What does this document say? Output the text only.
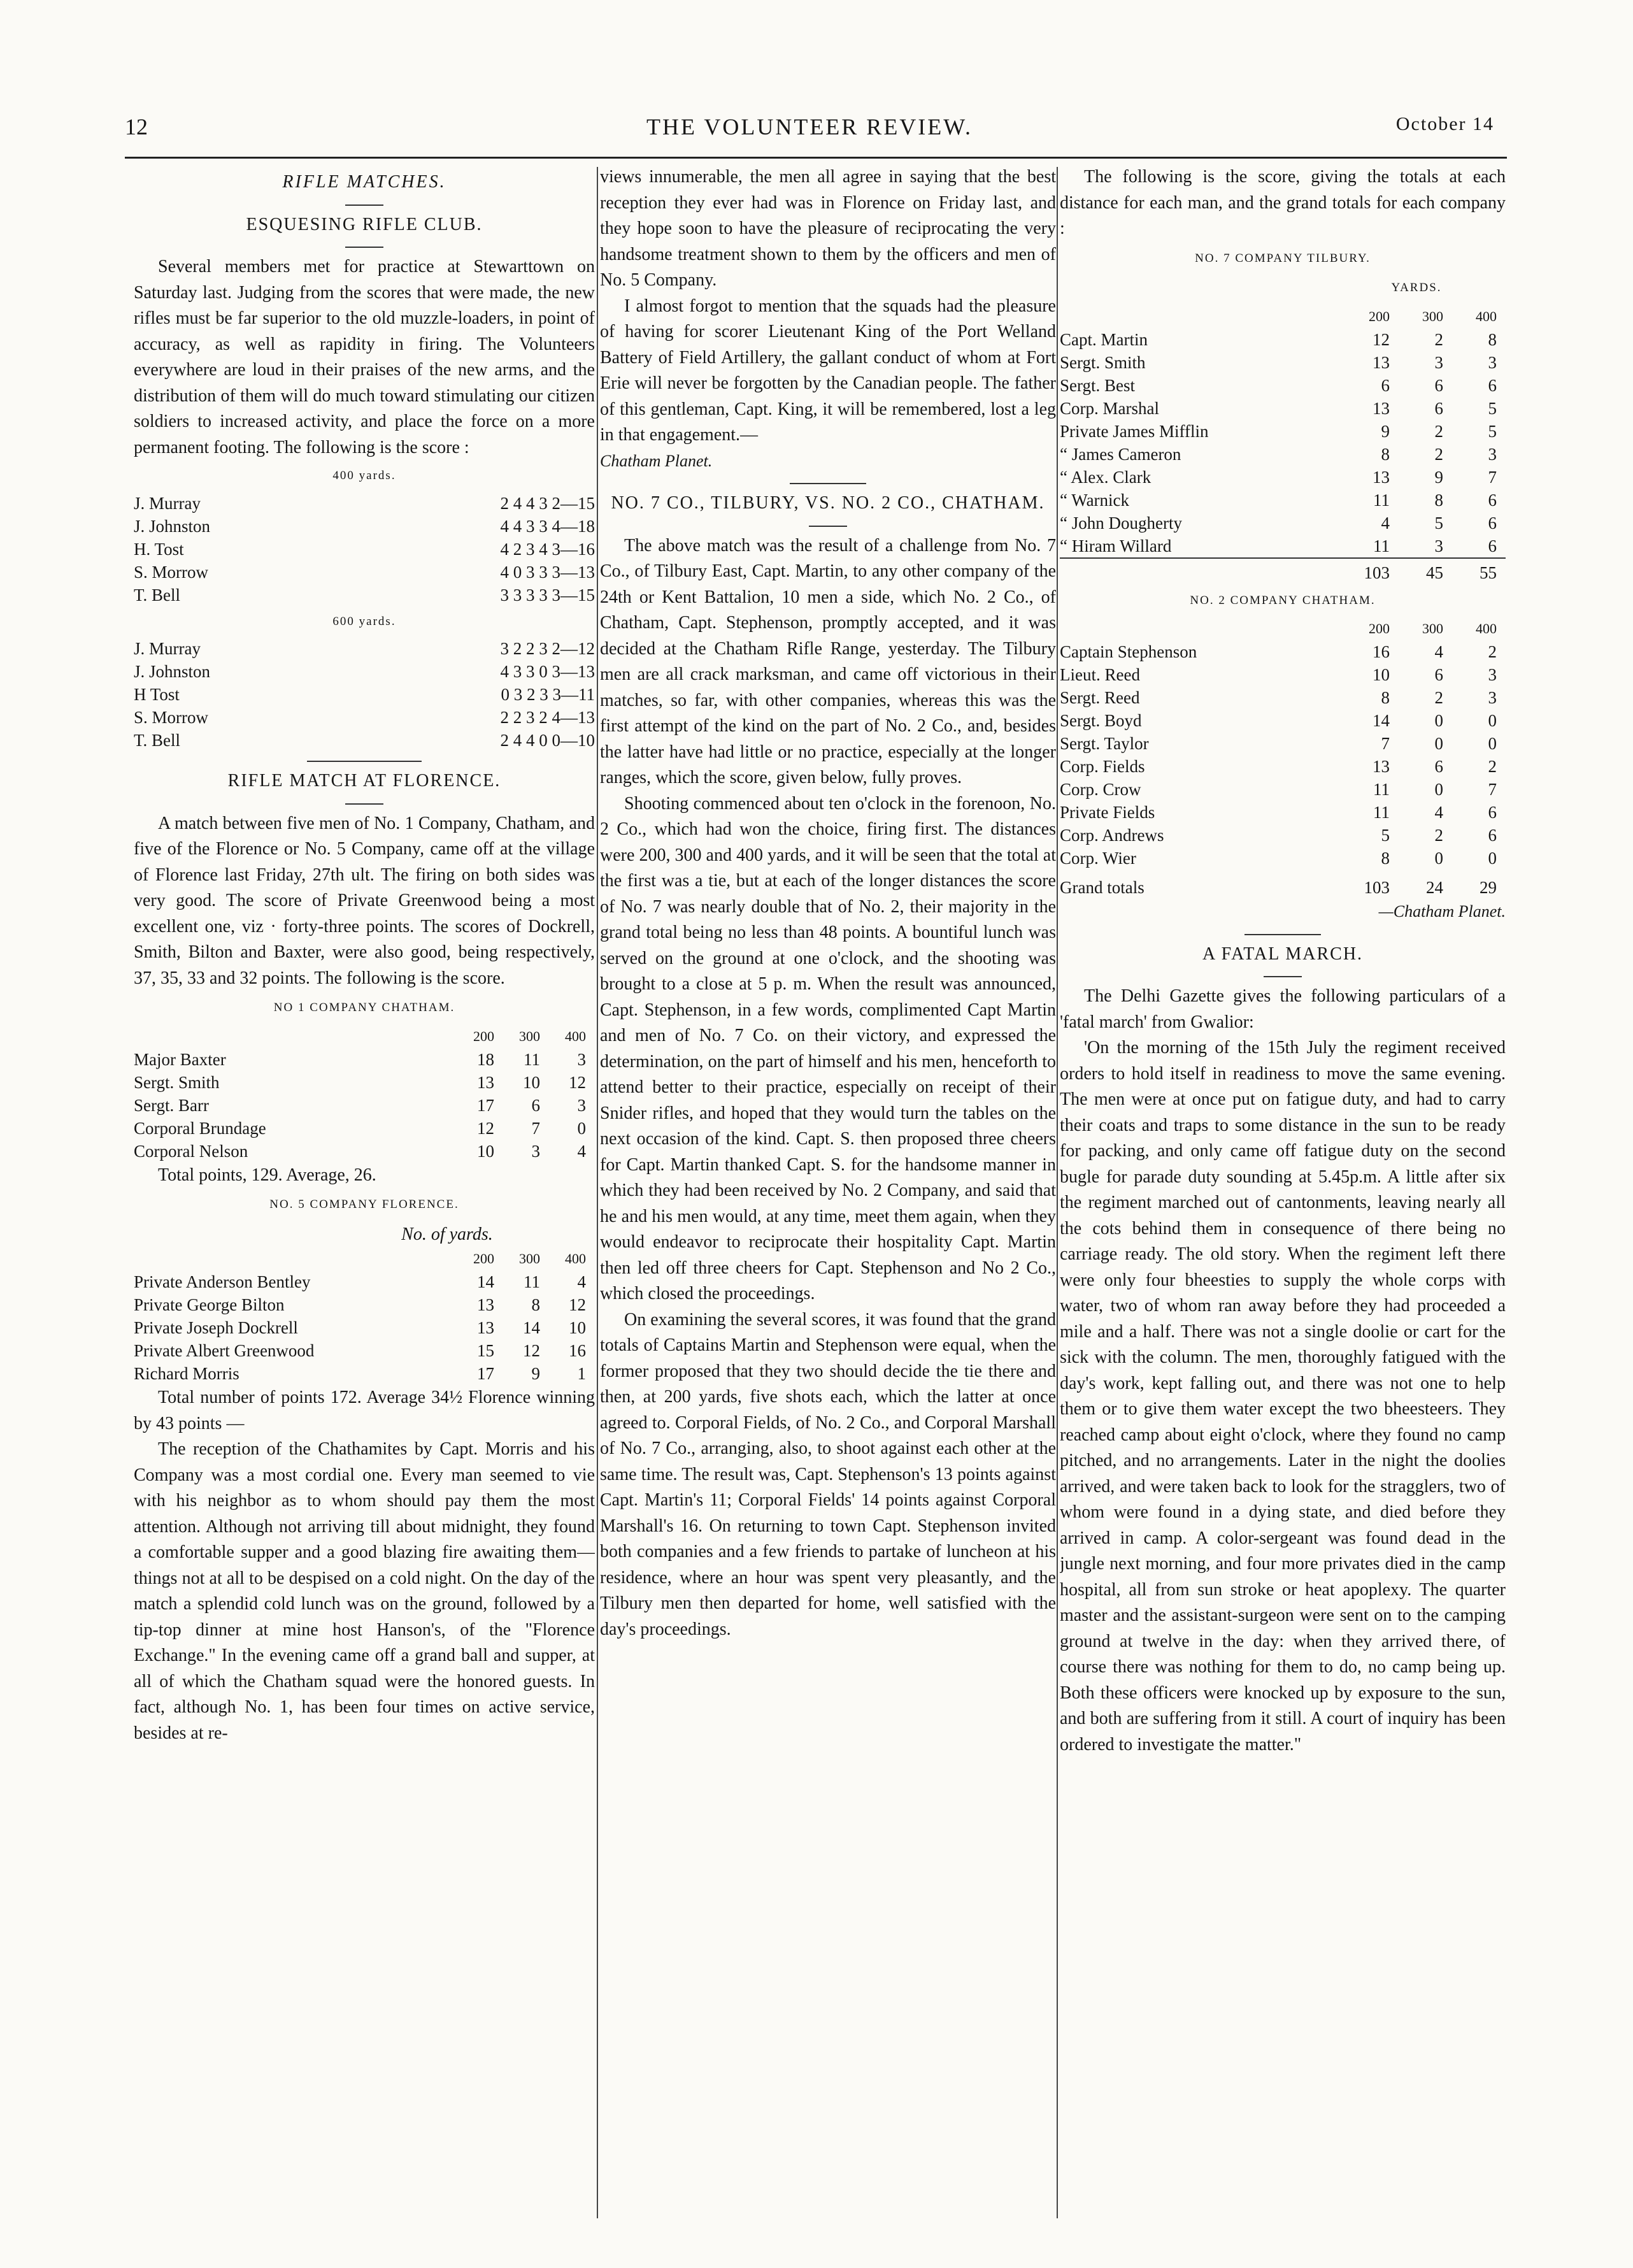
12	THE VOLUNTEER REVIEW.	October 14
RIFLE MATCHES.
ESQUESING RIFLE CLUB.

Several members met for practice at Stewarttown on Saturday last. Judging from the scores that were made, the new rifles must be far superior to the old muzzle-loaders, in point of accuracy, as well as rapidity in firing. The Volunteers everywhere are loud in their praises of the new arms, and the distribution of them will do much toward stimulating our citizen soldiers to increased activity, and place the force on a more permanent footing. The following is the score :

400 yards.
J. Murray	2 4 4 3 2—15
J. Johnston	4 4 3 3 4—18
H. Tost	4 2 3 4 3—16
S. Morrow	4 0 3 3 3—13
T. Bell	3 3 3 3 3—15
600 yards.
J. Murray	3 2 2 3 2—12
J. Johnston	4 3 3 0 3—13
H Tost	0 3 2 3 3—11
S. Morrow	2 2 3 2 4—13
T. Bell	2 4 4 0 0—10
RIFLE MATCH AT FLORENCE.

A match between five men of No. 1 Company, Chatham, and five of the Florence or No. 5 Company, came off at the village of Florence last Friday, 27th ult. The firing on both sides was very good. The score of Private Greenwood being a most excellent one, viz · forty-three points. The scores of Dockrell, Smith, Bilton and Baxter, were also good, being respectively, 37, 35, 33 and 32 points. The following is the score.

NO 1 COMPANY CHATHAM.
	200	300	400
Major Baxter	18	11	3
Sergt. Smith	13	10	12
Sergt. Barr	17	6	3
Corporal Brundage	12	7	0
Corporal Nelson	10	3	4

Total points, 129. Average, 26.

NO. 5 COMPANY FLORENCE.
No. of yards.
	200	300	400
Private Anderson Bentley	14	11	4
Private George Bilton	13	8	12
Private Joseph Dockrell	13	14	10
Private Albert Greenwood	15	12	16
Richard Morris	17	9	1

Total number of points 172. Average 34½ Florence winning by 43 points —

The reception of the Chathamites by Capt. Morris and his Company was a most cordial one. Every man seemed to vie with his neighbor as to whom should pay them the most attention. Although not arriving till about midnight, they found a comfortable supper and a good blazing fire awaiting them—things not at all to be despised on a cold night. On the day of the match a splendid cold lunch was on the ground, followed by a tip-top dinner at mine host Hanson's, of the "Florence Exchange." In the evening came off a grand ball and supper, at all of which the Chatham squad were the honored guests. In fact, although No. 1, has been four times on active service, besides at re-

views innumerable, the men all agree in saying that the best reception they ever had was in Florence on Friday last, and they hope soon to have the pleasure of reciprocating the very handsome treatment shown to them by the officers and men of No. 5 Company.

I almost forgot to mention that the squads had the pleasure of having for scorer Lieutenant King of the Port Welland Battery of Field Artillery, the gallant conduct of whom at Fort Erie will never be forgotten by the Canadian people. The father of this gentleman, Capt. King, it will be remembered, lost a leg in that engagement.—

Chatham Planet.
NO. 7 CO., TILBURY, VS. NO. 2 CO., CHATHAM.

The above match was the result of a challenge from No. 7 Co., of Tilbury East, Capt. Martin, to any other company of the 24th or Kent Battalion, 10 men a side, which No. 2 Co., of Chatham, Capt. Stephenson, promptly accepted, and it was decided at the Chatham Rifle Range, yesterday. The Tilbury men are all crack marksman, and came off victorious in their matches, so far, with other companies, whereas this was the first attempt of the kind on the part of No. 2 Co., and, besides the latter have had little or no practice, especially at the longer ranges, which the score, given below, fully proves.

Shooting commenced about ten o'clock in the forenoon, No. 2 Co., which had won the choice, firing first. The distances were 200, 300 and 400 yards, and it will be seen that the total at the first was a tie, but at each of the longer distances the score of No. 7 was nearly double that of No. 2, their majority in the grand total being no less than 48 points. A bountiful lunch was served on the ground at one o'clock, and the shooting was brought to a close at 5 p. m. When the result was announced, Capt. Stephenson, in a few words, complimented Capt Martin and men of No. 7 Co. on their victory, and expressed the determination, on the part of himself and his men, henceforth to attend better to their practice, especially on receipt of their Snider rifles, and hoped that they would turn the tables on the next occasion of the kind. Capt. S. then proposed three cheers for Capt. Martin thanked Capt. S. for the handsome manner in which they had been received by No. 2 Company, and said that he and his men would, at any time, meet them again, when they would endeavor to reciprocate their hospitality Capt. Martin then led off three cheers for Capt. Stephenson and No 2 Co., which closed the proceedings.

On examining the several scores, it was found that the grand totals of Captains Martin and Stephenson were equal, when the former proposed that they two should decide the tie there and then, at 200 yards, five shots each, which the latter at once agreed to. Corporal Fields, of No. 2 Co., and Corporal Marshall of No. 7 Co., arranging, also, to shoot against each other at the same time. The result was, Capt. Stephenson's 13 points against Capt. Martin's 11; Corporal Fields' 14 points against Corporal Marshall's 16. On returning to town Capt. Stephenson invited both companies and a few friends to partake of luncheon at his residence, where an hour was spent very pleasantly, and the Tilbury men then departed for home, well satisfied with the day's proceedings.

The following is the score, giving the totals at each distance for each man, and the grand totals for each company :

NO. 7 COMPANY TILBURY.
YARDS.
	200	300	400
Capt. Martin	12	2	8
Sergt. Smith	13	3	3
Sergt. Best	6	6	6
Corp. Marshal	13	6	5
Private James Mifflin	9	2	5
“ James Cameron	8	2	3
“ Alex. Clark	13	9	7
“ Warnick	11	8	6
“ John Dougherty	4	5	6
“ Hiram Willard	11	3	6
	103	45	55
NO. 2 COMPANY CHATHAM.
	200	300	400
Captain Stephenson	16	4	2
Lieut. Reed	10	6	3
Sergt. Reed	8	2	3
Sergt. Boyd	14	0	0
Sergt. Taylor	7	0	0
Corp. Fields	13	6	2
Corp. Crow	11	0	7
Private Fields	11	4	6
Corp. Andrews	5	2	6
Corp. Wier	8	0	0
Grand totals	103	24	29
—Chatham Planet.
A FATAL MARCH.

The Delhi Gazette gives the following particulars of a 'fatal march' from Gwalior:

'On the morning of the 15th July the regiment received orders to hold itself in readiness to move the same evening. The men were at once put on fatigue duty, and had to carry their coats and traps to some distance in the sun to be ready for packing, and only came off fatigue duty on the second bugle for parade duty sounding at 5.45p.m. A little after six the regiment marched out of cantonments, leaving nearly all the cots behind them in consequence of there being no carriage ready. The old story. When the regiment left there were only four bheesties to supply the whole corps with water, two of whom ran away before they had proceeded a mile and a half. There was not a single doolie or cart for the sick with the column. The men, thoroughly fatigued with the day's work, kept falling out, and there was not one to help them or to give them water except the two bheesteers. They reached camp about eight o'clock, where they found no camp pitched, and no arrangements. Later in the night the doolies arrived, and were taken back to look for the stragglers, two of whom were found in a dying state, and died before they arrived in camp. A color-sergeant was found dead in the jungle next morning, and four more privates died in the camp hospital, all from sun stroke or heat apoplexy. The quarter master and the assistant-surgeon were sent on to the camping ground at twelve in the day: when they arrived there, of course there was nothing for them to do, no camp being up. Both these officers were knocked up by exposure to the sun, and both are suffering from it still. A court of inquiry has been ordered to investigate the matter."
